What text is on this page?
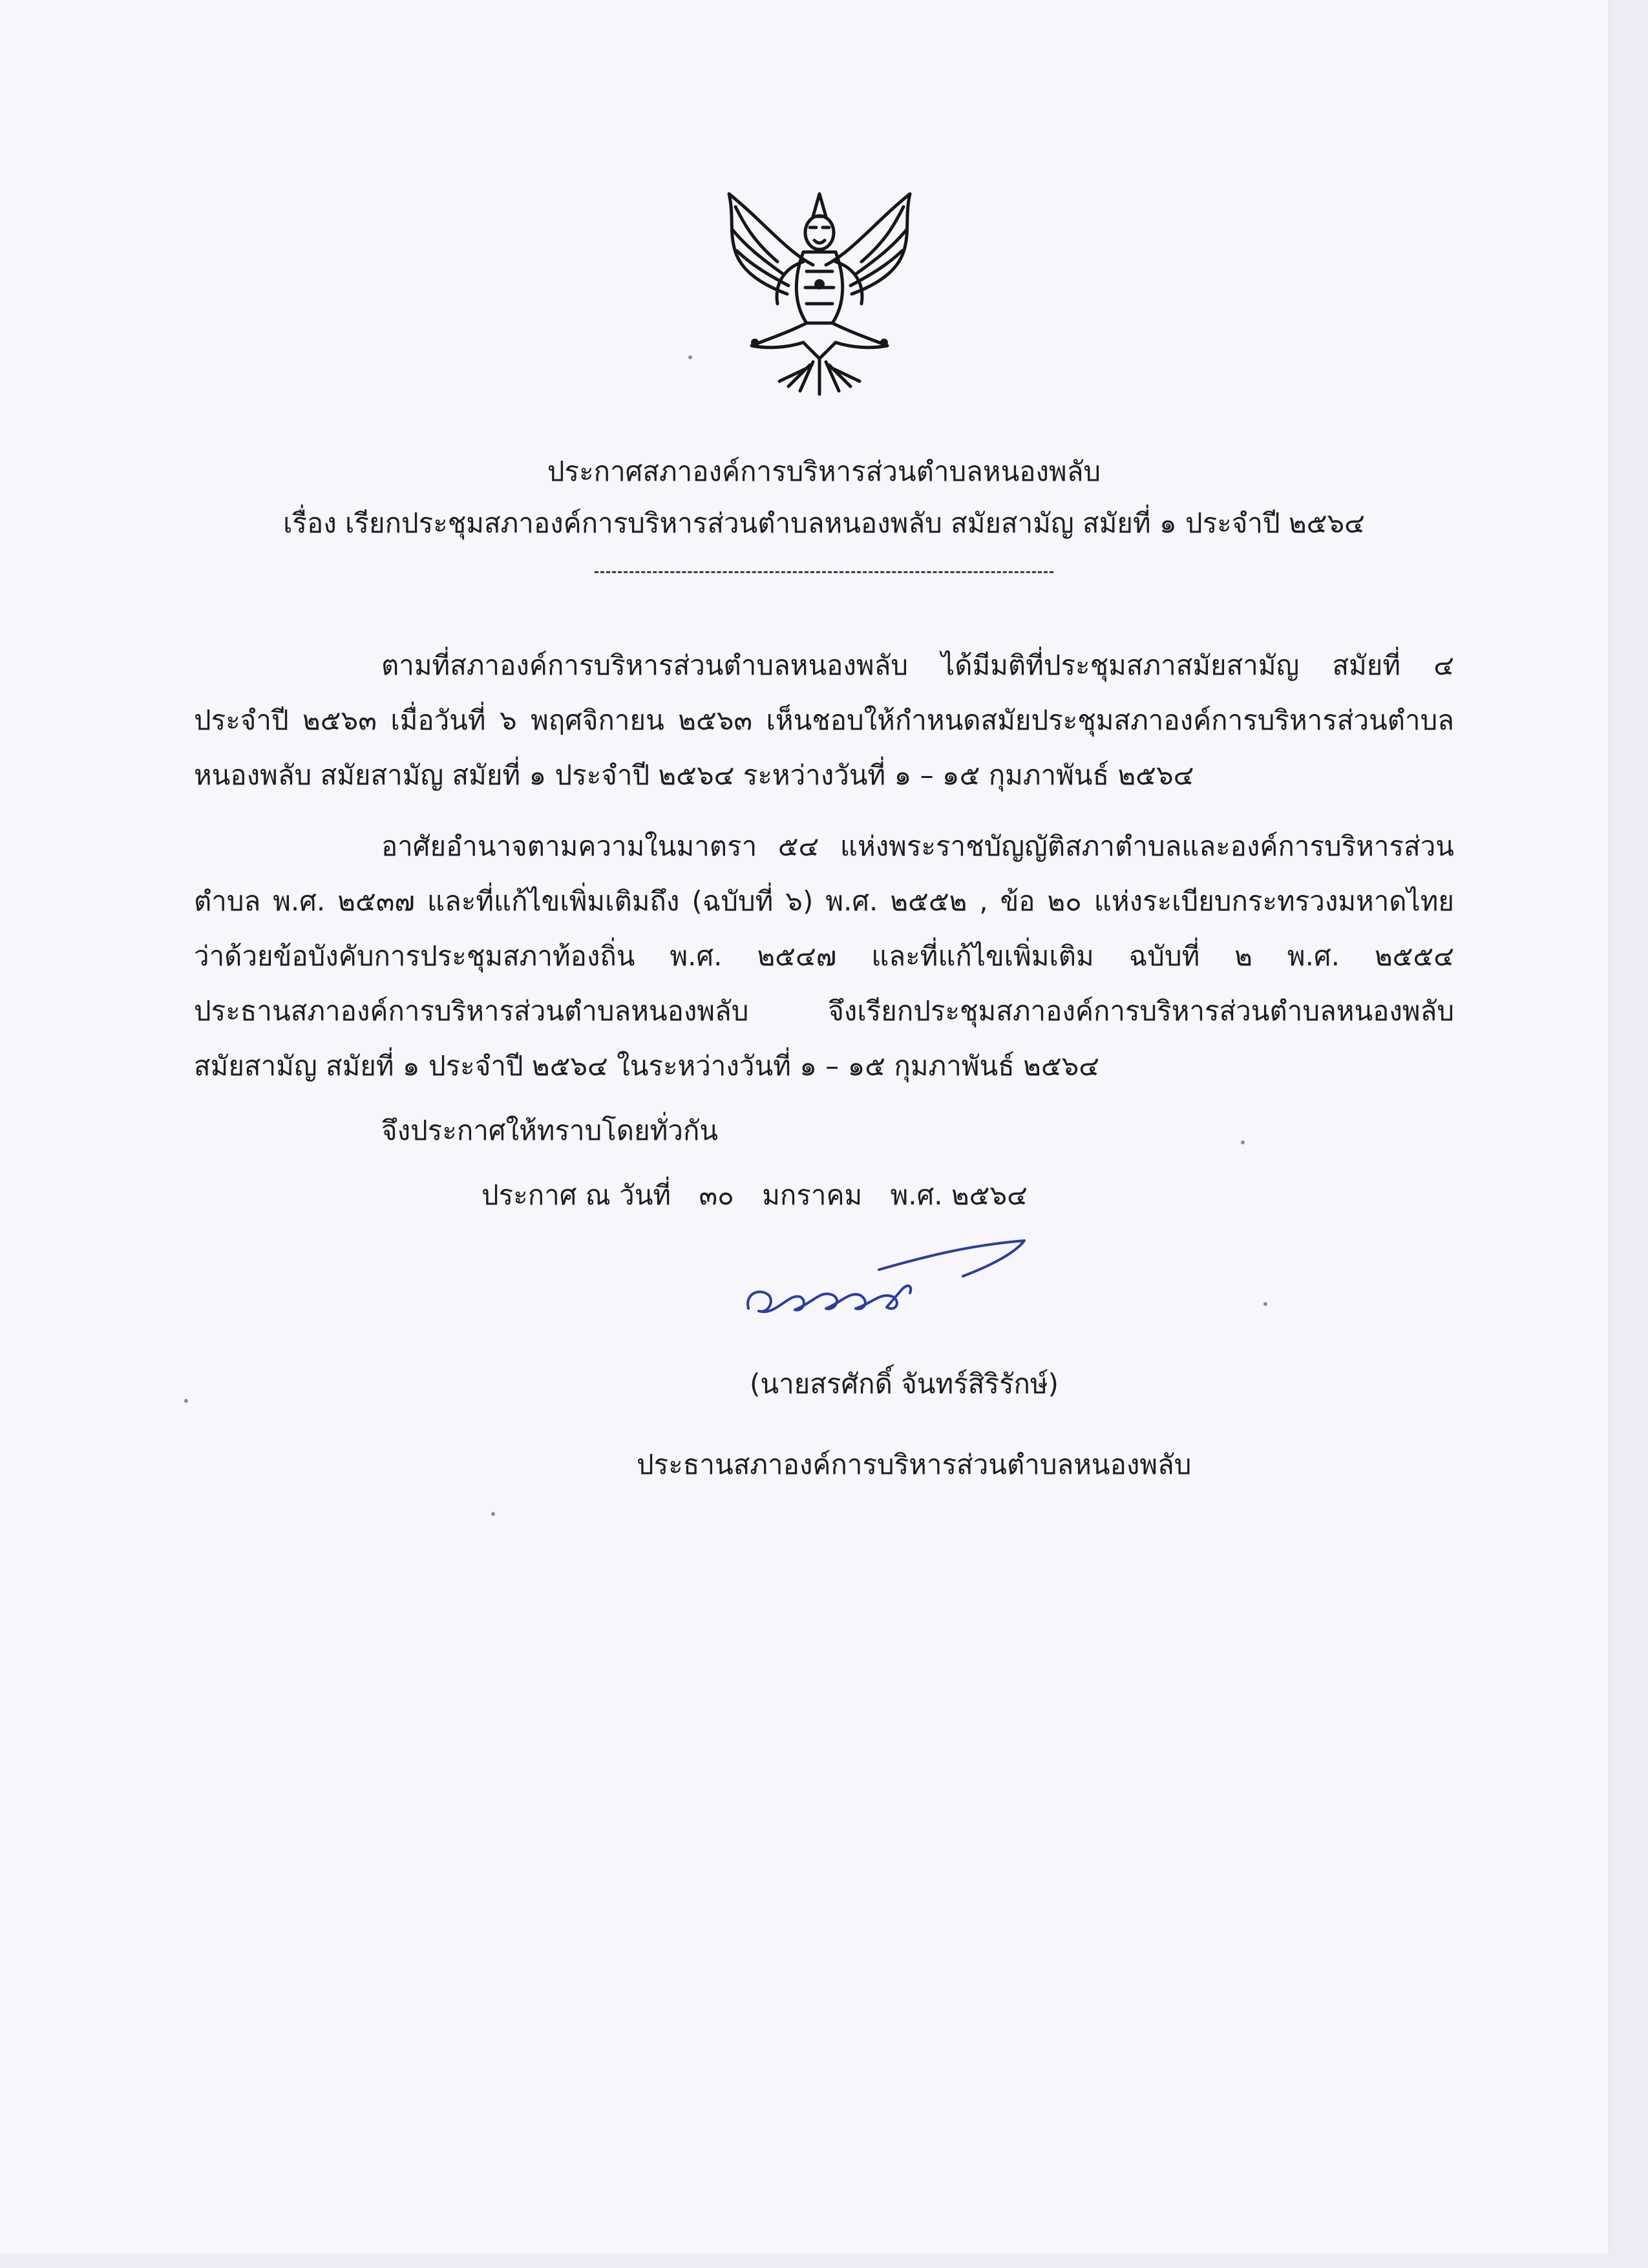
ประกาศสภาองค์การบริหารส่วนตำบลหนองพลับ
เรื่อง เรียกประชุมสภาองค์การบริหารส่วนตำบลหนองพลับ สมัยสามัญ สมัยที่ ๑ ประจำปี ๒๕๖๔
ตามที่สภาองค์การบริหารส่วนตำบลหนองพลับ ได้มีมติที่ประชุมสภาสมัยสามัญ สมัยที่ ๔
ประจำปี ๒๕๖๓ เมื่อวันที่ ๖ พฤศจิกายน ๒๕๖๓ เห็นชอบให้กำหนดสมัยประชุมสภาองค์การบริหารส่วนตำบล
หนองพลับ สมัยสามัญ สมัยที่ ๑ ประจำปี ๒๕๖๔ ระหว่างวันที่ ๑ – ๑๕ กุมภาพันธ์ ๒๕๖๔
อาศัยอำนาจตามความในมาตรา ๕๔ แห่งพระราชบัญญัติสภาตำบลและองค์การบริหารส่วน
ตำบล พ.ศ. ๒๕๓๗ และที่แก้ไขเพิ่มเติมถึง (ฉบับที่ ๖) พ.ศ. ๒๕๕๒ , ข้อ ๒๐ แห่งระเบียบกระทรวงมหาดไทย
ว่าด้วยข้อบังคับการประชุมสภาท้องถิ่น พ.ศ. ๒๕๔๗ และที่แก้ไขเพิ่มเติม ฉบับที่ ๒ พ.ศ. ๒๕๕๔
ประธานสภาองค์การบริหารส่วนตำบลหนองพลับ จึงเรียกประชุมสภาองค์การบริหารส่วนตำบลหนองพลับ
จึงประกาศให้ทราบโดยทั่วกัน
ประกาศ ณ วันที่ ๓๐ มกราคม พ.ศ. ๒๕๖๔
(นายสรศักดิ์ จันทร์สิริรักษ์)
ประธานสภาองค์การบริหารส่วนตำบลหนองพลับ
สมัยสามัญ สมัยที่ ๑ ประจำปี ๒๕๖๔ ในระหว่างวันที่ ๑ – ๑๕ กุมภาพันธ์ ๒๕๖๔
